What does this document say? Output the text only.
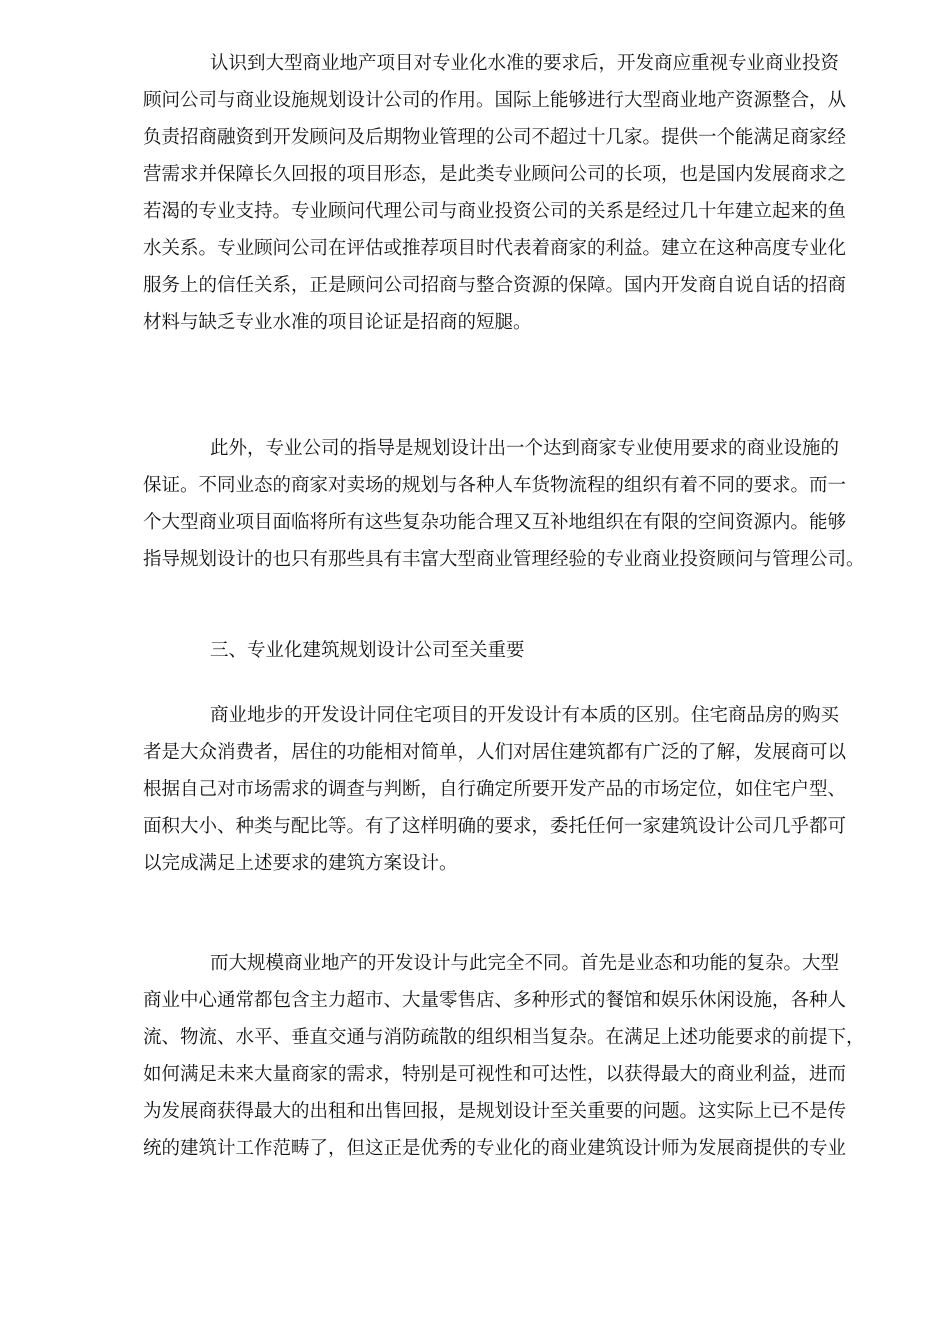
认识到大型商业地产项目对专业化水准的要求后，开发商应重视专业商业投资
顾问公司与商业设施规划设计公司的作用。国际上能够进行大型商业地产资源整合，从
负责招商融资到开发顾问及后期物业管理的公司不超过十几家。提供一个能满足商家经
营需求并保障长久回报的项目形态，是此类专业顾问公司的长项，也是国内发展商求之
若渴的专业支持。专业顾问代理公司与商业投资公司的关系是经过几十年建立起来的鱼
水关系。专业顾问公司在评估或推荐项目时代表着商家的利益。建立在这种高度专业化
服务上的信任关系，正是顾问公司招商与整合资源的保障。国内开发商自说自话的招商
材料与缺乏专业水准的项目论证是招商的短腿。
此外，专业公司的指导是规划设计出一个达到商家专业使用要求的商业设施的
保证。不同业态的商家对卖场的规划与各种人车货物流程的组织有着不同的要求。而一
个大型商业项目面临将所有这些复杂功能合理又互补地组织在有限的空间资源内。能够
指导规划设计的也只有那些具有丰富大型商业管理经验的专业商业投资顾问与管理公司。
三、专业化建筑规划设计公司至关重要
商业地步的开发设计同住宅项目的开发设计有本质的区别。住宅商品房的购买
者是大众消费者，居住的功能相对简单，人们对居住建筑都有广泛的了解，发展商可以
根据自己对市场需求的调查与判断，自行确定所要开发产品的市场定位，如住宅户型、
面积大小、种类与配比等。有了这样明确的要求，委托任何一家建筑设计公司几乎都可
以完成满足上述要求的建筑方案设计。
而大规模商业地产的开发设计与此完全不同。首先是业态和功能的复杂。大型
商业中心通常都包含主力超市、大量零售店、多种形式的餐馆和娱乐休闲设施，各种人
流、物流、水平、垂直交通与消防疏散的组织相当复杂。在满足上述功能要求的前提下，
如何满足未来大量商家的需求，特别是可视性和可达性，以获得最大的商业利益，进而
为发展商获得最大的出租和出售回报，是规划设计至关重要的问题。这实际上已不是传
统的建筑计工作范畴了，但这正是优秀的专业化的商业建筑设计师为发展商提供的专业
